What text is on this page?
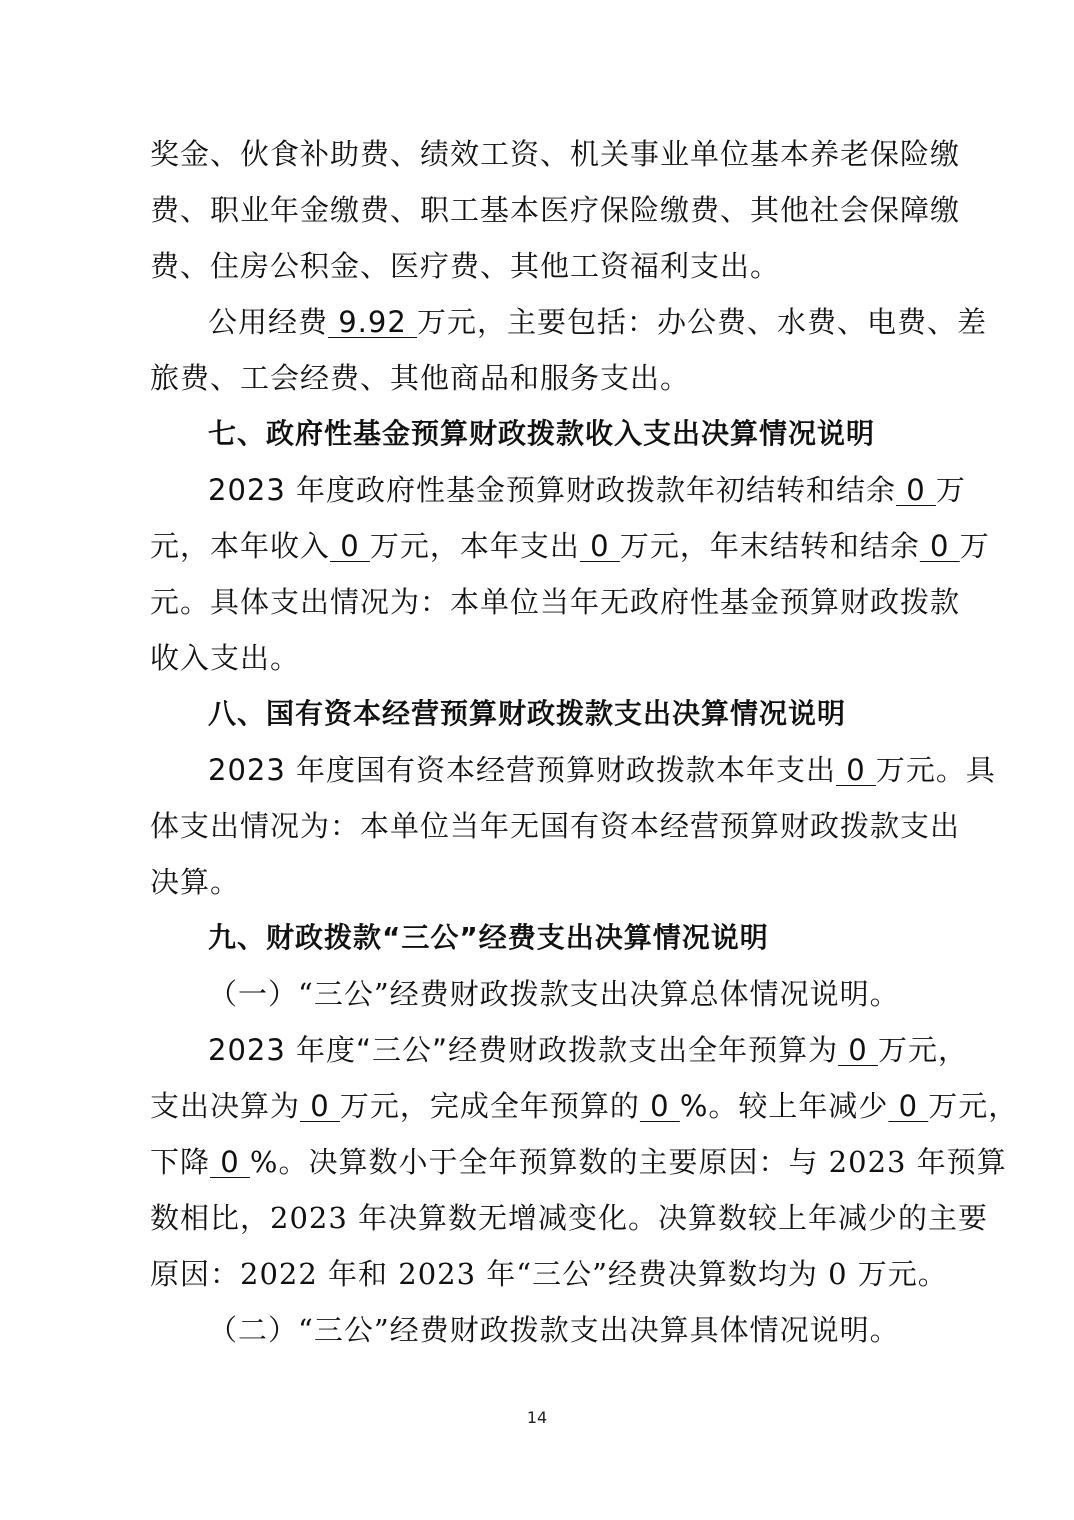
奖金、伙食补助费、绩效工资、机关事业单位基本养老保险缴
费、职业年金缴费、职工基本医疗保险缴费、其他社会保障缴
费、住房公积金、医疗费、其他工资福利支出。
公用经费 9.92 万元，主要包括：办公费、水费、电费、差
旅费、工会经费、其他商品和服务支出。
七、政府性基金预算财政拨款收入支出决算情况说明
2023 年度政府性基金预算财政拨款年初结转和结余 0 万
元，本年收入 0 万元，本年支出 0 万元，年末结转和结余 0 万
元。具体支出情况为：本单位当年无政府性基金预算财政拨款
收入支出。
八、国有资本经营预算财政拨款支出决算情况说明
2023 年度国有资本经营预算财政拨款本年支出 0 万元。具
体支出情况为：本单位当年无国有资本经营预算财政拨款支出
决算。
九、财政拨款“三公”经费支出决算情况说明
（一）“三公”经费财政拨款支出决算总体情况说明。
2023 年度“三公”经费财政拨款支出全年预算为 0 万元，
支出决算为 0 万元，完成全年预算的 0 %。较上年减少 0 万元，
下降 0 %。决算数小于全年预算数的主要原因：与 2023 年预算
数相比，2023 年决算数无增减变化。决算数较上年减少的主要
原因：2022 年和 2023 年“三公”经费决算数均为 0 万元。
（二）“三公”经费财政拨款支出决算具体情况说明。
14
